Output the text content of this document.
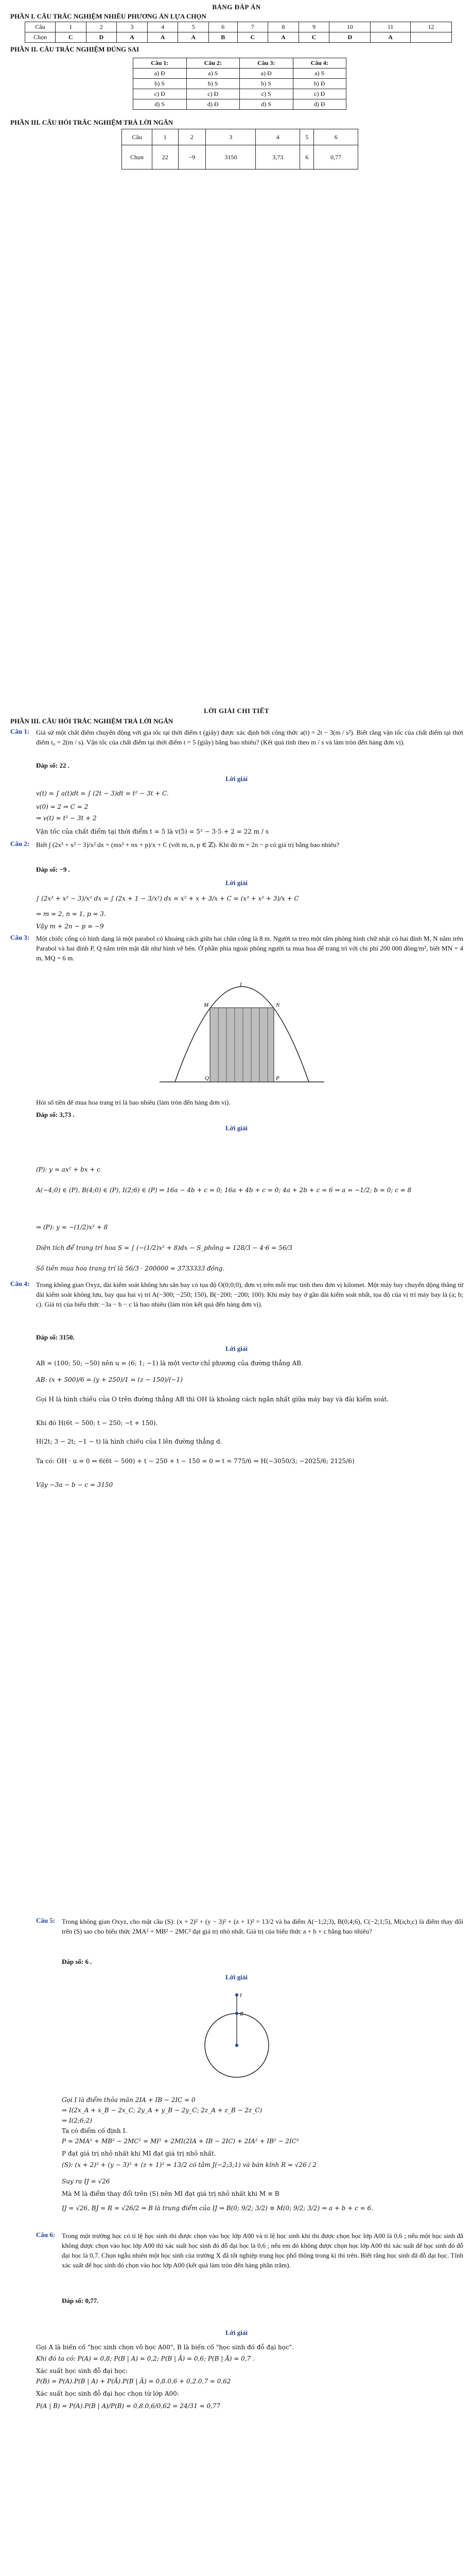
BẢNG ĐÁP ÁN
PHẦN I. CÂU TRẮC NGHIỆM NHIỀU PHƯƠNG ÁN LỰA CHỌN
Câu	1	2	3	4	5	6	7	8	9	10	11	12
Chọn	C	D	A	A	A	B	C	A	C	D	A	
PHẦN II. CÂU TRẮC NGHIỆM ĐÚNG SAI
Câu 1:	Câu 2:	Câu 3:	Câu 4:
a) Đ	a) S	a) Đ	a) S
b) S	b) S	b) S	b) Đ
c) Đ	c) Đ	c) S	c) Đ
d) S	d) Đ	d) S	d) Đ
PHẦN III. CÂU HỎI TRẮC NGHIỆM TRẢ LỜI NGẮN
Câu	1	2	3	4	5	6
Chọn	22	−9	3150	3,73	6	0,77
LỜI GIẢI CHI TIẾT
PHẦN III. CÂU HỎI TRẮC NGHIỆM TRẢ LỜI NGẮN
Câu 1: Giả sử một chất điểm chuyển động với gia tốc tại thời điểm t (giây) được xác định bởi công thức a(t) = 2t − 3(m / s²). Biết rằng vận tốc của chất điểm tại thời điểm t₀ = 2(m / s). Vận tốc của chất điểm tại thời điểm t = 5 (giây) bằng bao nhiêu? (Kết quả tính theo m / s và làm tròn đến hàng đơn vị).
Đáp số: 22 .
Lời giải
v(t) = ∫ a(t)dt = ∫ (2t − 3)dt = t² − 3t + C.
v(0) = 2 ⇒ C = 2
⇒ v(t) = t² − 3t + 2
Vận tốc của chất điểm tại thời điểm t = 5 là v(5) = 5² − 3·5 + 2 = 22 m / s
Câu 2: Biết ∫ (2x³ + x² − 3)/x² dx = (mx² + nx + p)/x + C (với m, n, p ∈ ℤ). Khi đó m + 2n − p có giá trị bằng bao nhiêu?
Đáp số: −9 .
Lời giải
∫ (2x³ + x² − 3)/x² dx = ∫ (2x + 1 − 3/x²) dx = x² + x + 3/x + C = (x³ + x² + 3)/x + C
⇒ m = 2, n = 1, p = 3.
Vậy m + 2n − p = −9
Câu 3: Một chiếc cổng có hình dạng là một parabol có khoảng cách giữa hai chân cổng là 8 m. Người ta treo một tấm phông hình chữ nhật có hai đỉnh M, N nằm trên Parabol và hai đỉnh P, Q nằm trên mặt đất như hình vẽ bên. Ở phần phía ngoài phông người ta mua hoa để trang trí với chi phí 200 000 đồng/m², biết MN = 4 m, MQ = 6 m.
I
M	N
Q	P
Hỏi số tiền để mua hoa trang trí là bao nhiêu (làm tròn đến hàng đơn vị).
Đáp số: 3,73 .
Lời giải
(P): y = ax² + bx + c
A(−4;0) ∈ (P), B(4;0) ∈ (P), I(2;6) ∈ (P) ⇒ 16a − 4b + c = 0; 16a + 4b + c = 0; 4a + 2b + c = 6 ⇒ a = −1/2; b = 0; c = 8
⇒ (P): y = −(1/2)x² + 8
Diện tích để trang trí hoa S = ∫ (−(1/2)x² + 8)dx − S_phông = 128/3 − 4·6 = 56/3
Số tiền mua hoa trang trí là 56/3 · 200000 ≈ 3733333 đồng.
Câu 4: Trong không gian Oxyz, đài kiểm soát không lưu sân bay có tọa độ O(0;0;0), đơn vị trên mỗi trục tính theo đơn vị kilomet. Một máy bay chuyển động thẳng từ đài kiểm soát không lưu, bay qua hai vị trí A(−300; −250; 150), B(−200; −200; 100). Khi máy bay ở gần đài kiểm soát nhất, tọa độ của vị trí máy bay là (a; b; c). Giá trị của biểu thức −3a − b − c là bao nhiêu (làm tròn kết quả đến hàng đơn vị).
Đáp số: 3150.
Lời giải
AB = (100; 50; −50) nên u = (6; 1; −1) là một vectơ chỉ phương của đường thẳng AB.
AB: (x + 500)/6 = (y + 250)/1 = (z − 150)/(−1)
Gọi H là hình chiếu của O trên đường thẳng AB thì OH là khoảng cách ngắn nhất giữa máy bay và đài kiểm soát.
Khi đó H(6t − 500; t − 250; −t + 150).
H(2t; 3 − 2t; −1 − t) là hình chiếu của I lên đường thẳng d.
Ta có: OH · u = 0 ⇔ 6(6t − 500) + t − 250 + t − 150 = 0 ⇔ t = 775/6 ⇒ H(−3050/3; −2025/6; 2125/6)
Vậy −3a − b − c = 3150
Câu 5: Trong không gian Oxyz, cho mặt cầu (S): (x + 2)² + (y − 3)² + (z + 1)² = 13/2 và ba điểm A(−1;2;3), B(0;4;6), C(−2;1;5), M(a;b;c) là điểm thay đổi trên (S) sao cho biểu thức 2MA² + MB² − 2MC² đạt giá trị nhỏ nhất. Giá trị của biểu thức a + b + c bằng bao nhiêu?
Đáp số: 6 .
Lời giải
I
B
Gọi I là điểm thỏa mãn 2IA + IB − 2IC = 0
⇒ I(2x_A + x_B − 2x_C; 2y_A + y_B − 2y_C; 2z_A + z_B − 2z_C)
⇒ I(2;6;2)
Ta có điểm cố định I.
P = 2MA² + MB² − 2MC² = MI² + 2MI(2IA + IB − 2IC) + 2IA² + IB² − 2IC²
P đạt giá trị nhỏ nhất khi MI đạt giá trị nhỏ nhất.
(S): (x + 2)² + (y − 3)² + (z + 1)² = 13/2 có tâm J(−2;3;1) và bán kính R = √26 / 2
Suy ra IJ = √26
Mà M là điểm thay đổi trên (S) nên MI đạt giá trị nhỏ nhất khi M ≡ B
IJ = √26, BJ = R = √26/2 ⇒ B là trung điểm của IJ ⇒ B(0; 9/2; 3/2) ≡ M(0; 9/2; 3/2) ⇒ a + b + c = 6.
Câu 6: Trong một trường học có tỉ lệ học sinh thi được chọn vào học lớp A00 và tỉ lệ học sinh khi thi được chọn học lớp A00 là 0,6 ; nếu một học sinh đã không được chọn vào học lớp A00 thì xác suất học sinh đó đỗ đại học là 0,6 ; nếu em đó không được chọn học lớp A00 thì xác suất để học sinh đó đỗ đại học là 0,7. Chọn ngẫu nhiên một học sinh của trường X đã tốt nghiệp trung học phổ thông trong kì thi trên. Biết rằng học sinh đã đỗ đại học. Tính xác suất để học sinh đó chọn vào học lớp A00 (kết quả làm tròn đến hàng phần trăm).
Đáp số: 0,77.
Lời giải
Gọi A là biến cố "học sinh chọn vô học A00", B là biến cố "học sinh đó đỗ đại học".
Khi đó ta có: P(A) = 0,8; P(B | A) = 0,2; P(B | Ā) = 0,6; P(B | Ā) = 0,7 .
Xác suất học sinh đỗ đại học:
P(B) = P(A).P(B | A) + P(Ā).P(B | Ā) = 0,8.0,6 + 0,2.0,7 = 0,62
Xác suất học sinh đỗ đại học chọn từ lớp A00:
P(A | B) = P(A).P(B | A)/P(B) = 0,8.0,6/0,62 = 24/31 ≈ 0,77
